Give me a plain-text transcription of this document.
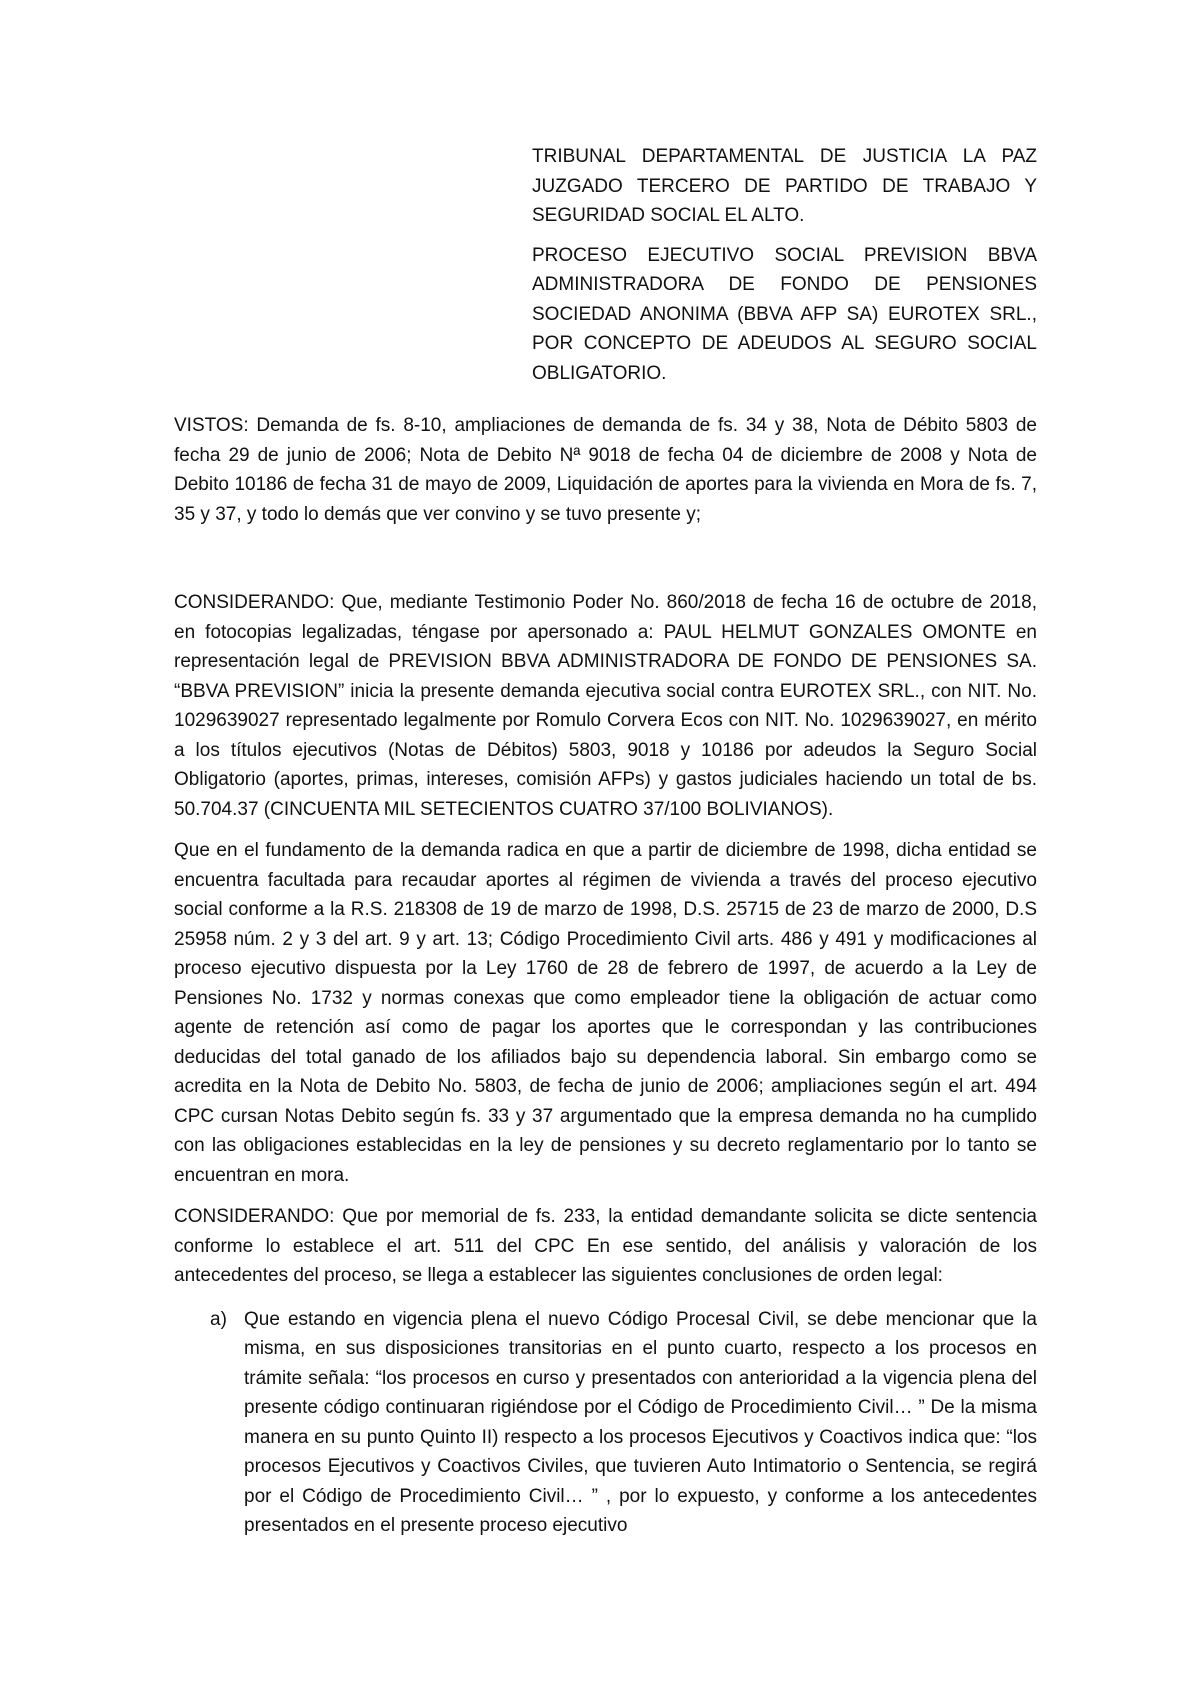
TRIBUNAL DEPARTAMENTAL DE JUSTICIA LA PAZ JUZGADO TERCERO DE PARTIDO DE TRABAJO Y SEGURIDAD SOCIAL EL ALTO.

PROCESO EJECUTIVO SOCIAL PREVISION BBVA ADMINISTRADORA DE FONDO DE PENSIONES SOCIEDAD ANONIMA (BBVA AFP SA) EUROTEX SRL., POR CONCEPTO DE ADEUDOS AL SEGURO SOCIAL OBLIGATORIO.

VISTOS: Demanda de fs. 8-10, ampliaciones de demanda de fs. 34 y 38, Nota de Débito 5803 de fecha 29 de junio de 2006; Nota de Debito Nª 9018 de fecha 04 de diciembre de 2008 y Nota de Debito 10186 de fecha 31 de mayo de 2009, Liquidación de aportes para la vivienda en Mora de fs. 7, 35 y 37, y todo lo demás que ver convino y se tuvo presente y;

CONSIDERANDO: Que, mediante Testimonio Poder No. 860/2018 de fecha 16 de octubre de 2018, en fotocopias legalizadas, téngase por apersonado a: PAUL HELMUT GONZALES OMONTE en representación legal de PREVISION BBVA ADMINISTRADORA DE FONDO DE PENSIONES SA. “BBVA PREVISION” inicia la presente demanda ejecutiva social contra EUROTEX SRL., con NIT. No. 1029639027 representado legalmente por Romulo Corvera Ecos con NIT. No. 1029639027, en mérito a los títulos ejecutivos (Notas de Débitos) 5803, 9018 y 10186 por adeudos la Seguro Social Obligatorio (aportes, primas, intereses, comisión AFPs) y gastos judiciales haciendo un total de bs. 50.704.37 (CINCUENTA MIL SETECIENTOS CUATRO 37/100 BOLIVIANOS).

Que en el fundamento de la demanda radica en que a partir de diciembre de 1998, dicha entidad se encuentra facultada para recaudar aportes al régimen de vivienda a través del proceso ejecutivo social conforme a la R.S. 218308 de 19 de marzo de 1998, D.S. 25715 de 23 de marzo de 2000, D.S 25958 núm. 2 y 3 del art. 9 y art. 13; Código Procedimiento Civil arts. 486 y 491 y modificaciones al proceso ejecutivo dispuesta por la Ley 1760 de 28 de febrero de 1997, de acuerdo a la Ley de Pensiones No. 1732 y normas conexas que como empleador tiene la obligación de actuar como agente de retención así como de pagar los aportes que le correspondan y las contribuciones deducidas del total ganado de los afiliados bajo su dependencia laboral. Sin embargo como se acredita en la Nota de Debito No. 5803, de fecha de junio de 2006; ampliaciones según el art. 494 CPC cursan Notas Debito según fs. 33 y 37 argumentado que la empresa demanda no ha cumplido con las obligaciones establecidas en la ley de pensiones y su decreto reglamentario por lo tanto se encuentran en mora.

CONSIDERANDO: Que por memorial de fs. 233, la entidad demandante solicita se dicte sentencia conforme lo establece el art. 511 del CPC En ese sentido, del análisis y valoración de los antecedentes del proceso, se llega a establecer las siguientes conclusiones de orden legal:

a) Que estando en vigencia plena el nuevo Código Procesal Civil, se debe mencionar que la misma, en sus disposiciones transitorias en el punto cuarto, respecto a los procesos en trámite señala: “los procesos en curso y presentados con anterioridad a la vigencia plena del presente código continuaran rigiéndose por el Código de Procedimiento Civil… ” De la misma manera en su punto Quinto II) respecto a los procesos Ejecutivos y Coactivos indica que: “los procesos Ejecutivos y Coactivos Civiles, que tuvieren Auto Intimatorio o Sentencia, se regirá por el Código de Procedimiento Civil… ” , por lo expuesto, y conforme a los antecedentes presentados en el presente proceso ejecutivo
